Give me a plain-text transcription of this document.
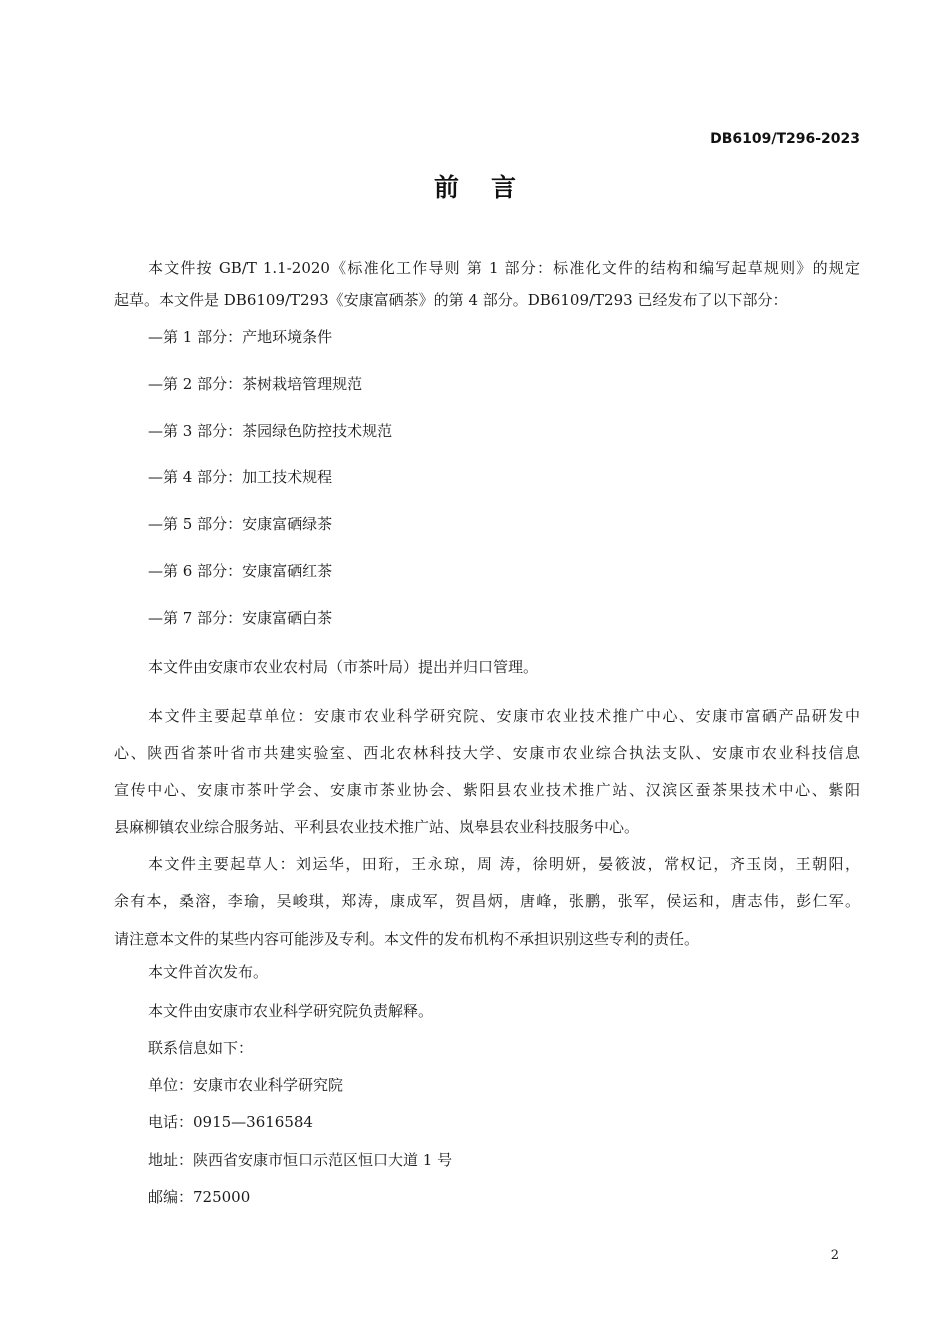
DB6109/T296-2023
前言
本文件按 GB/T 1.1-2020《标准化工作导则 第 1 部分：标准化文件的结构和编写起草规则》的规定
起草。本文件是 DB6109/T293《安康富硒茶》的第 4 部分。DB6109/T293 已经发布了以下部分：
—第 1 部分：产地环境条件
—第 2 部分：茶树栽培管理规范
—第 3 部分：茶园绿色防控技术规范
—第 4 部分：加工技术规程
—第 5 部分：安康富硒绿茶
—第 6 部分：安康富硒红茶
—第 7 部分：安康富硒白茶
本文件由安康市农业农村局（市茶叶局）提出并归口管理。
本文件主要起草单位：安康市农业科学研究院、安康市农业技术推广中心、安康市富硒产品研发中
心、陕西省茶叶省市共建实验室、西北农林科技大学、安康市农业综合执法支队、安康市农业科技信息
宣传中心、安康市茶叶学会、安康市茶业协会、紫阳县农业技术推广站、汉滨区蚕茶果技术中心、紫阳
县麻柳镇农业综合服务站、平利县农业技术推广站、岚皋县农业科技服务中心。
本文件主要起草人：刘运华，田珩，王永琼，周 涛，徐明妍，晏筱波，常权记，齐玉岗，王朝阳，
余有本，桑溶，李瑜，吴峻琪，郑涛，康成军，贺昌炳，唐峰，张鹏，张军，侯运和，唐志伟，彭仁军。
请注意本文件的某些内容可能涉及专利。本文件的发布机构不承担识别这些专利的责任。
本文件首次发布。
本文件由安康市农业科学研究院负责解释。
联系信息如下：
单位：安康市农业科学研究院
电话：0915—3616584
地址：陕西省安康市恒口示范区恒口大道 1 号
邮编：725000
2
